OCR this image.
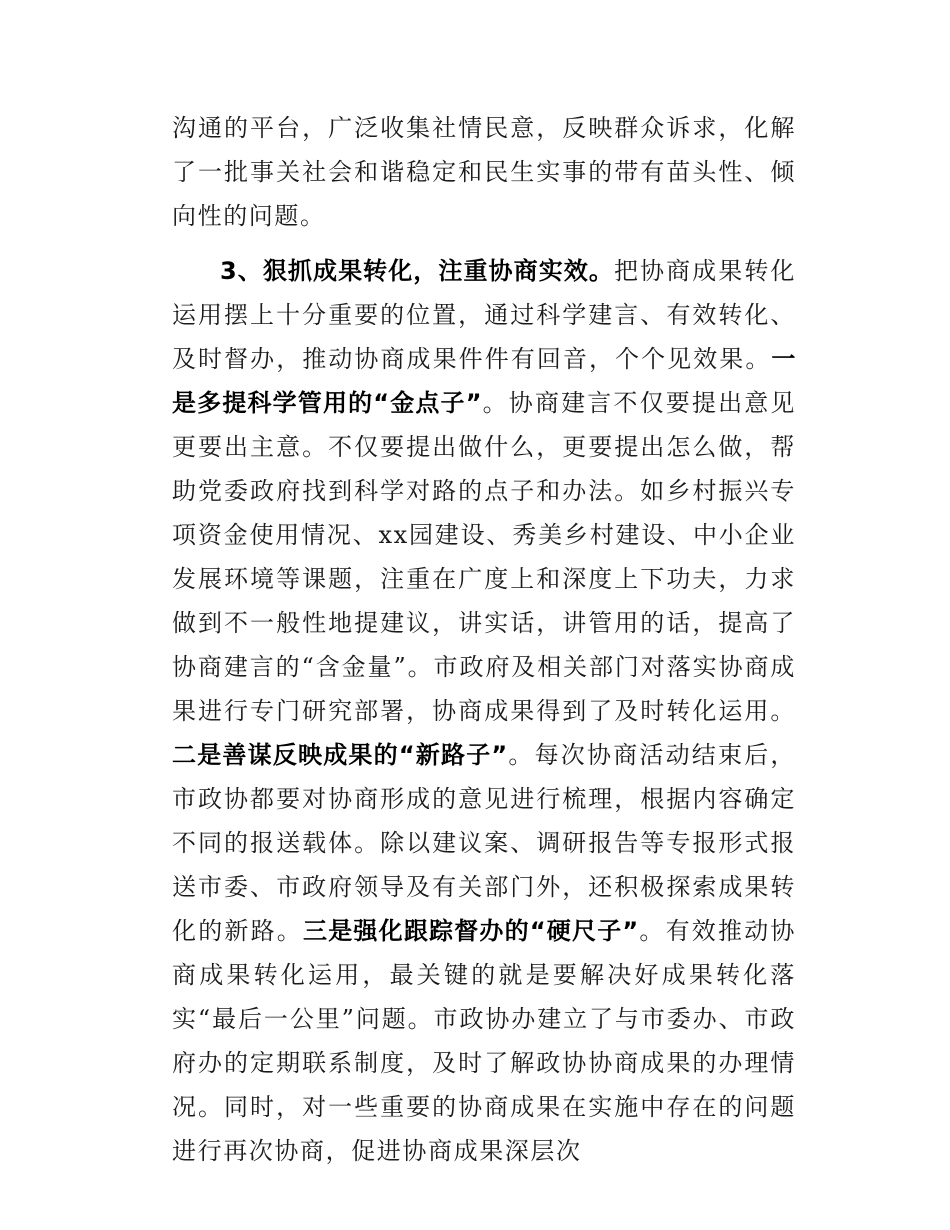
沟通的平台，广泛收集社情民意，反映群众诉求，化解了一批事关社会和谐稳定和民生实事的带有苗头性、倾向性的问题。

3、狠抓成果转化，注重协商实效。把协商成果转化运用摆上十分重要的位置，通过科学建言、有效转化、及时督办，推动协商成果件件有回音，个个见效果。一是多提科学管用的“金点子”。协商建言不仅要提出意见更要出主意。不仅要提出做什么，更要提出怎么做，帮助党委政府找到科学对路的点子和办法。如乡村振兴专项资金使用情况、xx园建设、秀美乡村建设、中小企业发展环境等课题，注重在广度上和深度上下功夫，力求做到不一般性地提建议，讲实话，讲管用的话，提高了协商建言的“含金量”。市政府及相关部门对落实协商成果进行专门研究部署，协商成果得到了及时转化运用。二是善谋反映成果的“新路子”。每次协商活动结束后，市政协都要对协商形成的意见进行梳理，根据内容确定不同的报送载体。除以建议案、调研报告等专报形式报送市委、市政府领导及有关部门外，还积极探索成果转化的新路。三是强化跟踪督办的“硬尺子”。有效推动协商成果转化运用，最关键的就是要解决好成果转化落实“最后一公里”问题。市政协办建立了与市委办、市政府办的定期联系制度，及时了解政协协商成果的办理情况。同时，对一些重要的协商成果在实施中存在的问题进行再次协商，促进协商成果深层次
